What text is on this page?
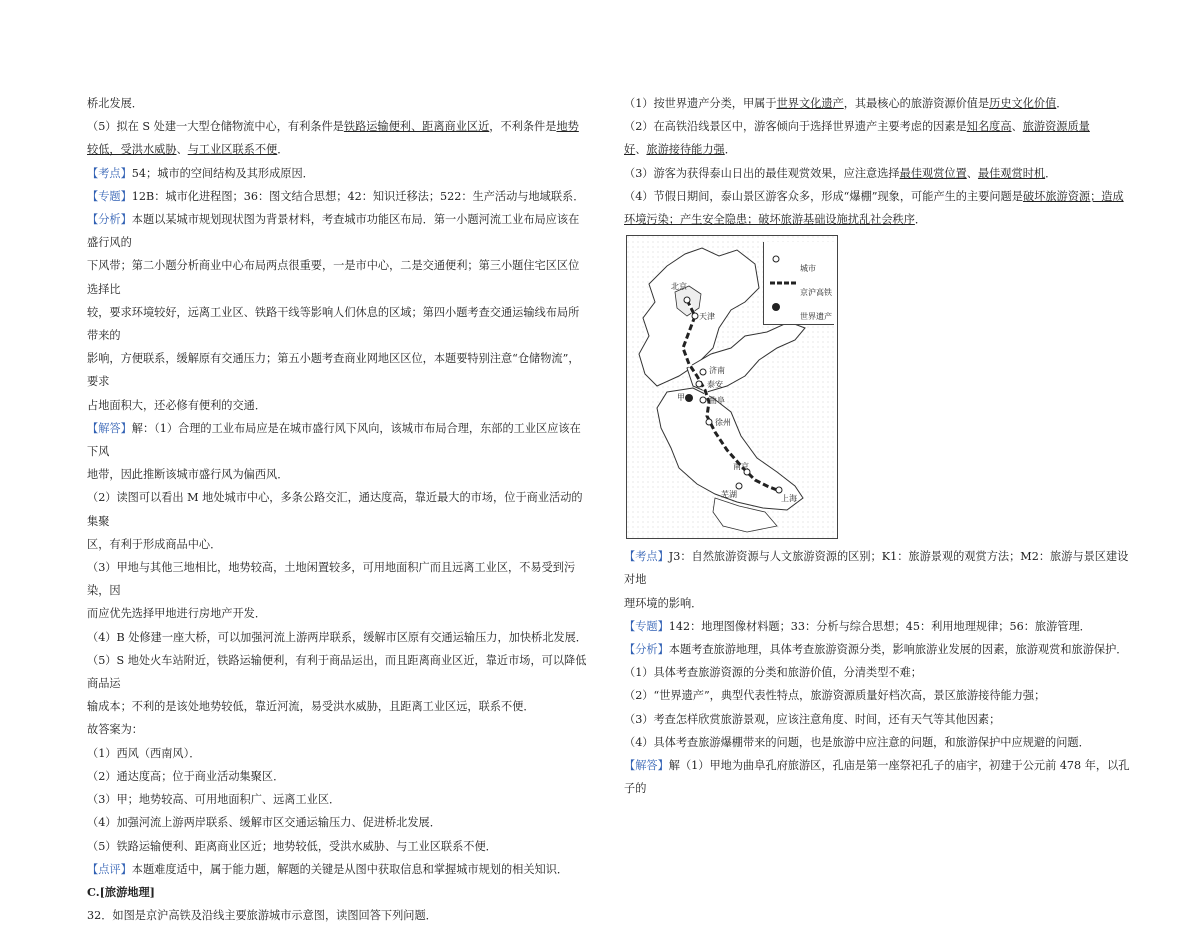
桥北发展．

（5）拟在 S 处建一大型仓储物流中心，有利条件是铁路运输便利、距离商业区近，不利条件是地势

较低，受洪水威胁、与工业区联系不便．

【考点】54；城市的空间结构及其形成原因．

【专题】12B：城市化进程图；36：图文结合思想；42：知识迁移法；522：生产活动与地域联系．

【分析】本题以某城市规划现状图为背景材料，考查城市功能区布局．第一小题河流工业布局应该在盛行风的

下风带；第二小题分析商业中心布局两点很重要，一是市中心，二是交通便利；第三小题住宅区区位选择比

较，要求环境较好，远离工业区、铁路干线等影响人们休息的区域；第四小题考查交通运输线布局所带来的

影响，方便联系，缓解原有交通压力；第五小题考查商业网地区区位，本题要特别注意“仓储物流”，要求

占地面积大，还必修有便利的交通．

【解答】解：（1）合理的工业布局应是在城市盛行风下风向，该城市布局合理，东部的工业区应该在下风

地带，因此推断该城市盛行风为偏西风．

（2）读图可以看出 M 地处城市中心，多条公路交汇，通达度高，靠近最大的市场，位于商业活动的集聚

区，有利于形成商品中心．

（3）甲地与其他三地相比，地势较高，土地闲置较多，可用地面积广而且远离工业区，不易受到污染，因

而应优先选择甲地进行房地产开发．

（4）B 处修建一座大桥，可以加强河流上游两岸联系，缓解市区原有交通运输压力，加快桥北发展．

（5）S 地处火车站附近，铁路运输便利，有利于商品运出，而且距离商业区近，靠近市场，可以降低商品运

输成本；不利的是该处地势较低，靠近河流，易受洪水威胁，且距离工业区远，联系不便．

故答案为：

（1）西风（西南风）．

（2）通达度高；位于商业活动集聚区．

（3）甲；地势较高、可用地面积广、远离工业区．

（4）加强河流上游两岸联系、缓解市区交通运输压力、促进桥北发展．

（5）铁路运输便利、距离商业区近；地势较低，受洪水威胁、与工业区联系不便．

【点评】本题难度适中，属于能力题，解题的关键是从图中获取信息和掌握城市规划的相关知识．

C.[旅游地理]

32．如图是京沪高铁及沿线主要旅游城市示意图，读图回答下列问题．

（1）按世界遗产分类，甲属于世界文化遗产，其最核心的旅游资源价值是历史文化价值．

（2）在高铁沿线景区中，游客倾向于选择世界遗产主要考虑的因素是知名度高、旅游资源质量

好、旅游接待能力强．

（3）游客为获得泰山日出的最佳观赏效果，应注意选择最佳观赏位置、最佳观赏时机．

（4）节假日期间，泰山景区游客众多，形成“爆棚”现象，可能产生的主要问题是破坏旅游资源；造成

环境污染；产生安全隐患；破坏旅游基础设施扰乱社会秩序．

城市
京沪高铁
世界遗产
北京
天津
济南
泰安
甲	曲阜
徐州
南京
芜湖	上海

【考点】J3：自然旅游资源与人文旅游资源的区别；K1：旅游景观的观赏方法；M2：旅游与景区建设对地

理环境的影响．

【专题】142：地理图像材料题；33：分析与综合思想；45：利用地理规律；56：旅游管理．

【分析】本题考查旅游地理，具体考查旅游资源分类，影响旅游业发展的因素，旅游观赏和旅游保护．

（1）具体考查旅游资源的分类和旅游价值，分清类型不难；

（2）“世界遗产”，典型代表性特点，旅游资源质量好档次高，景区旅游接待能力强；

（3）考查怎样欣赏旅游景观，应该注意角度、时间，还有天气等其他因素；

（4）具体考查旅游爆棚带来的问题，也是旅游中应注意的问题，和旅游保护中应规避的问题．

【解答】解（1）甲地为曲阜孔府旅游区，孔庙是第一座祭祀孔子的庙宇，初建于公元前 478 年，以孔子的
